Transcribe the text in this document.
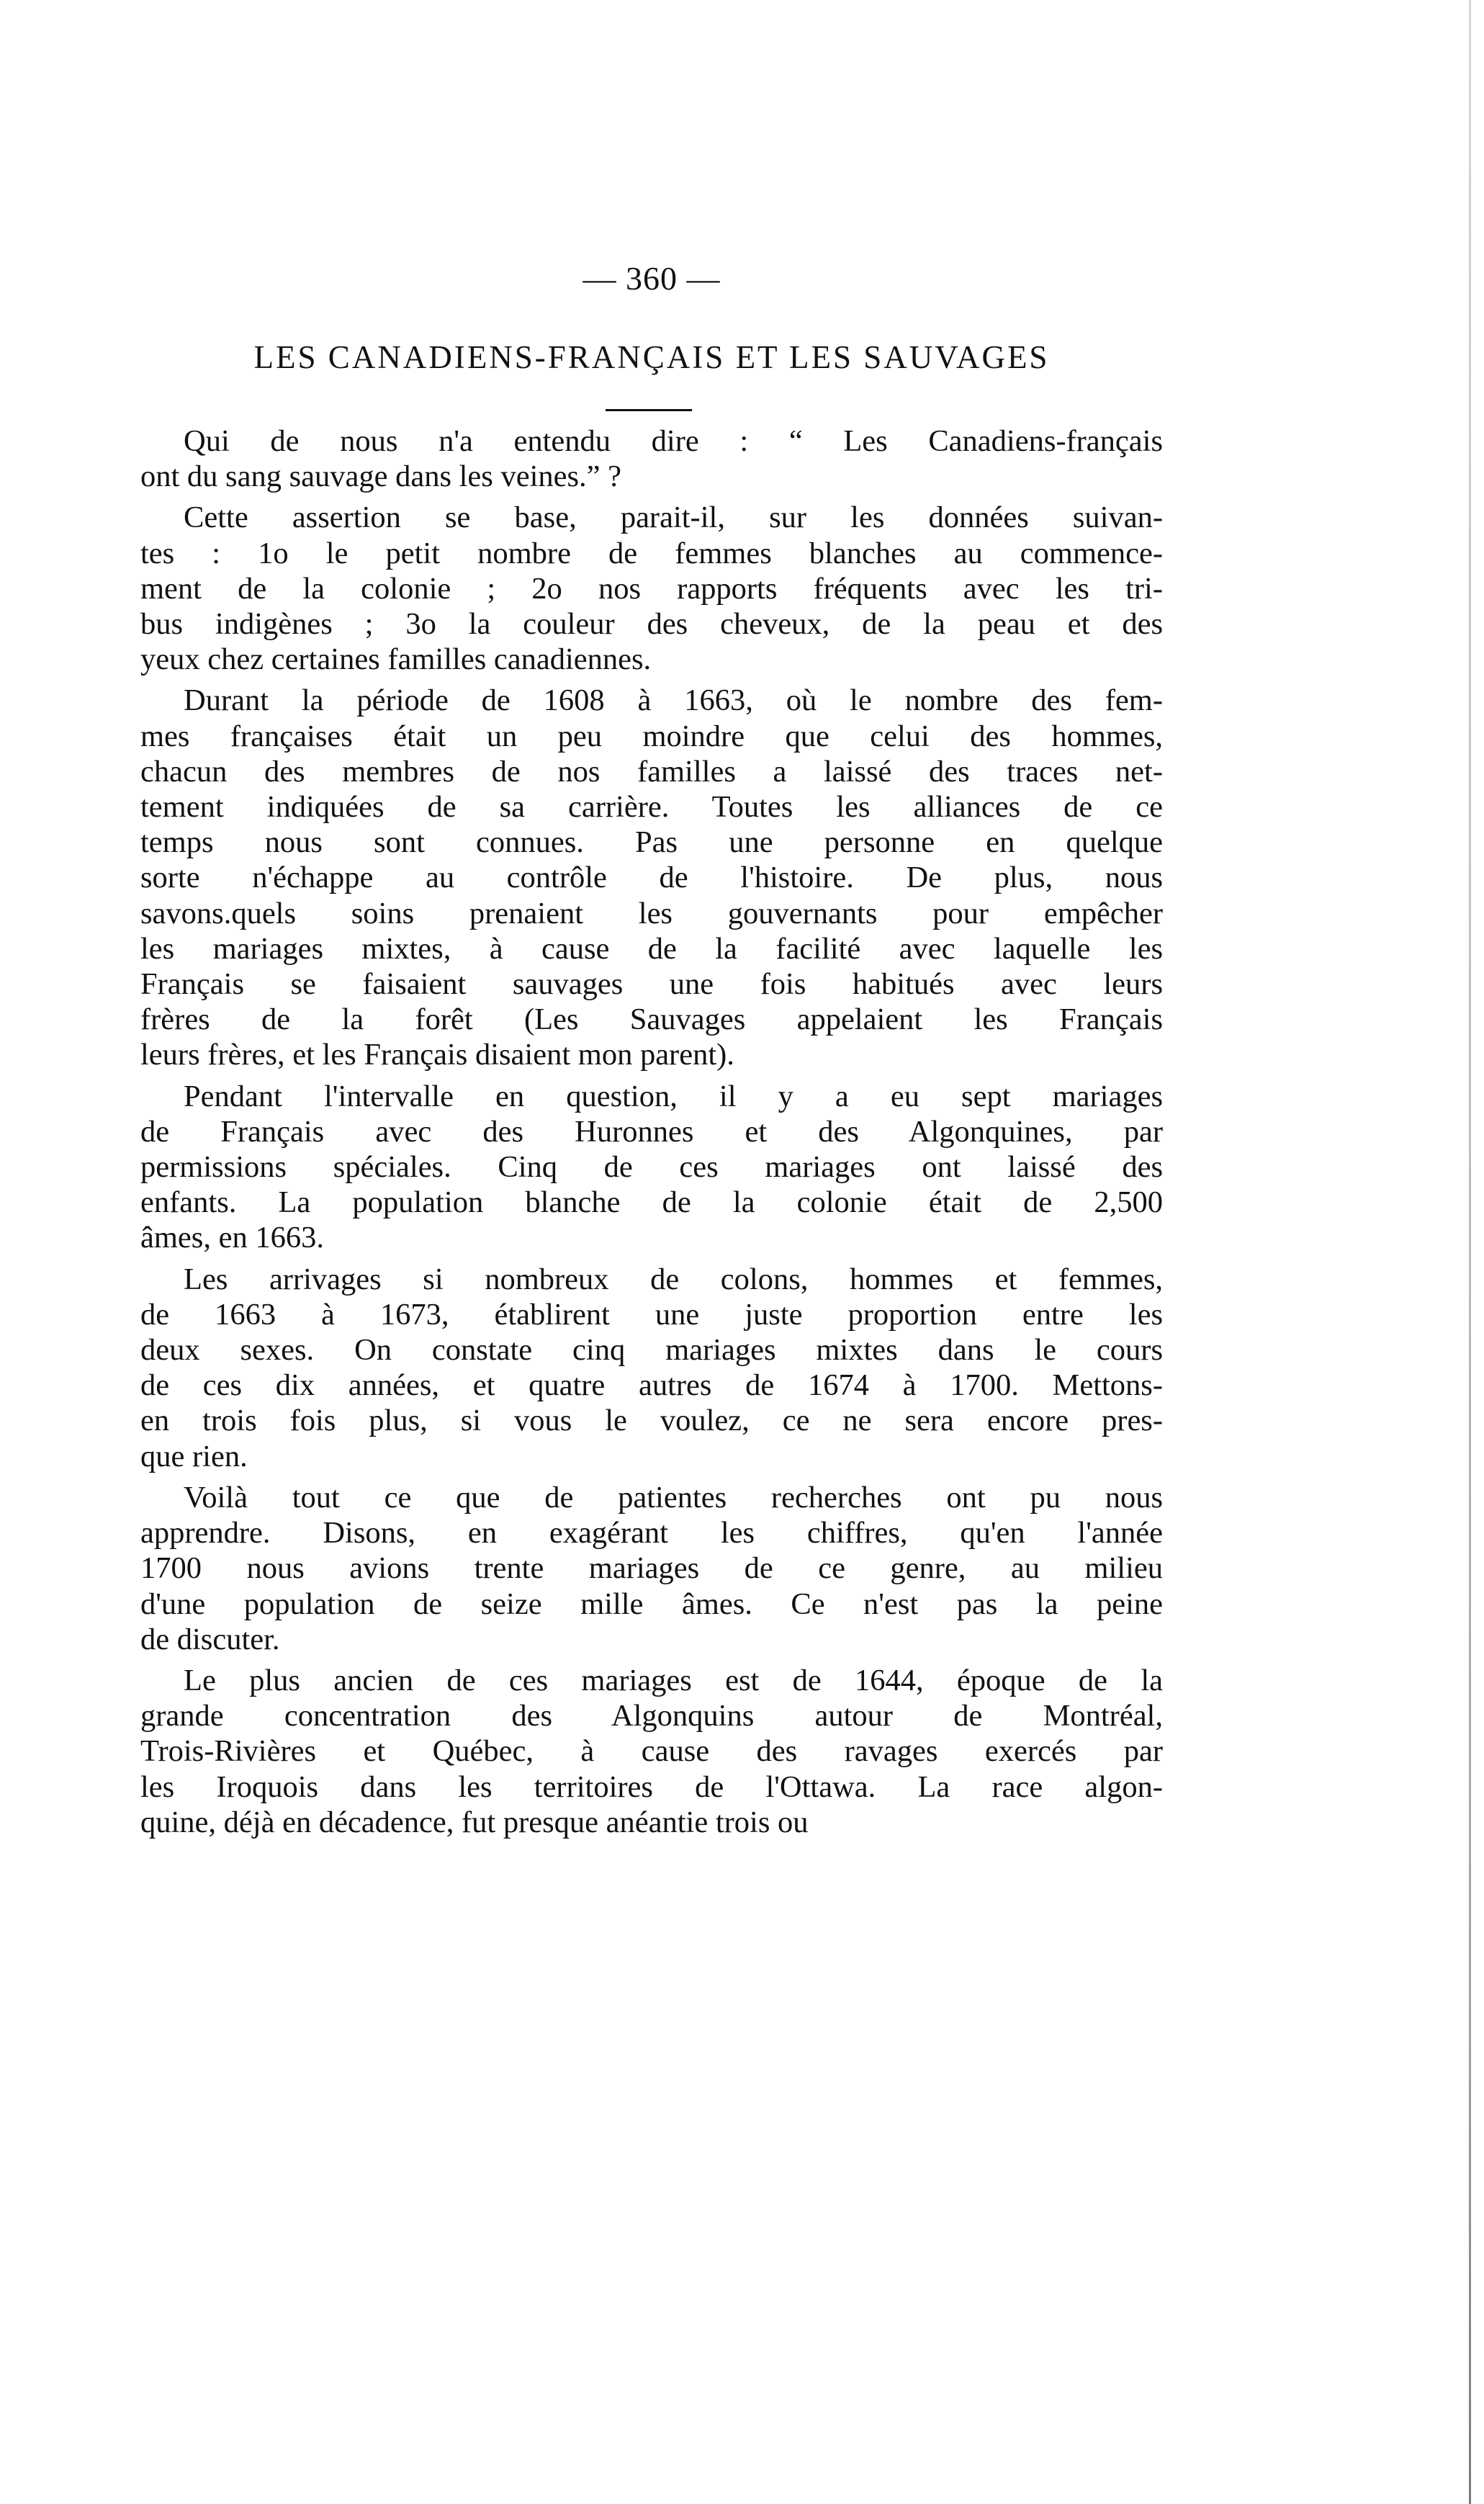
— 360 —
LES CANADIENS-FRANÇAIS ET LES SAUVAGES
Qui de nous n'a entendu dire : “ Les Canadiens-français
ont du sang sauvage dans les veines.” ?
Cette assertion se base, parait-il, sur les données suivan-
tes : 1o le petit nombre de femmes blanches au commence-
ment de la colonie ; 2o nos rapports fréquents avec les tri-
bus indigènes ; 3o la couleur des cheveux, de la peau et des
yeux chez certaines familles canadiennes.
Durant la période de 1608 à 1663, où le nombre des fem-
mes françaises était un peu moindre que celui des hommes,
chacun des membres de nos familles a laissé des traces net-
tement indiquées de sa carrière. Toutes les alliances de ce
temps nous sont connues. Pas une personne en quelque
sorte n'échappe au contrôle de l'histoire. De plus, nous
savons.quels soins prenaient les gouvernants pour empêcher
les mariages mixtes, à cause de la facilité avec laquelle les
Français se faisaient sauvages une fois habitués avec leurs
frères de la forêt (Les Sauvages appelaient les Français
leurs frères, et les Français disaient mon parent).
Pendant l'intervalle en question, il y a eu sept mariages
de Français avec des Huronnes et des Algonquines, par
permissions spéciales. Cinq de ces mariages ont laissé des
enfants. La population blanche de la colonie était de 2,500
âmes, en 1663.
Les arrivages si nombreux de colons, hommes et femmes,
de 1663 à 1673, établirent une juste proportion entre les
deux sexes. On constate cinq mariages mixtes dans le cours
de ces dix années, et quatre autres de 1674 à 1700. Mettons-
en trois fois plus, si vous le voulez, ce ne sera encore pres-
que rien.
Voilà tout ce que de patientes recherches ont pu nous
apprendre. Disons, en exagérant les chiffres, qu'en l'année
1700 nous avions trente mariages de ce genre, au milieu
d'une population de seize mille âmes. Ce n'est pas la peine
de discuter.
Le plus ancien de ces mariages est de 1644, époque de la
grande concentration des Algonquins autour de Montréal,
Trois-Rivières et Québec, à cause des ravages exercés par
les Iroquois dans les territoires de l'Ottawa. La race algon-
quine, déjà en décadence, fut presque anéantie trois ou
